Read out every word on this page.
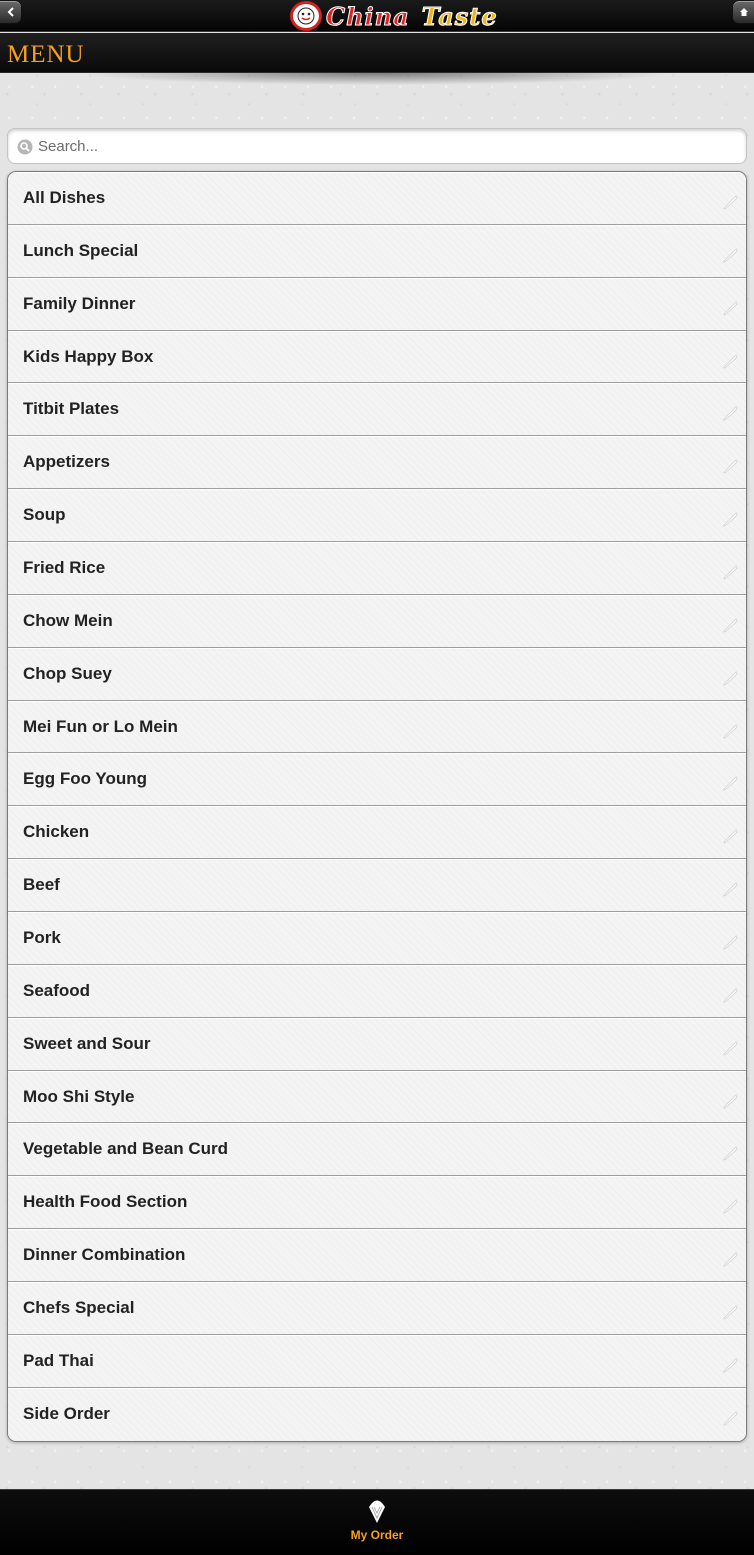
China Taste
MENU
Search...
All Dishes
Lunch Special
Family Dinner
Kids Happy Box
Titbit Plates
Appetizers
Soup
Fried Rice
Chow Mein
Chop Suey
Mei Fun or Lo Mein
Egg Foo Young
Chicken
Beef
Pork
Seafood
Sweet and Sour
Moo Shi Style
Vegetable and Bean Curd
Health Food Section
Dinner Combination
Chefs Special
Pad Thai
Side Order
My Order
